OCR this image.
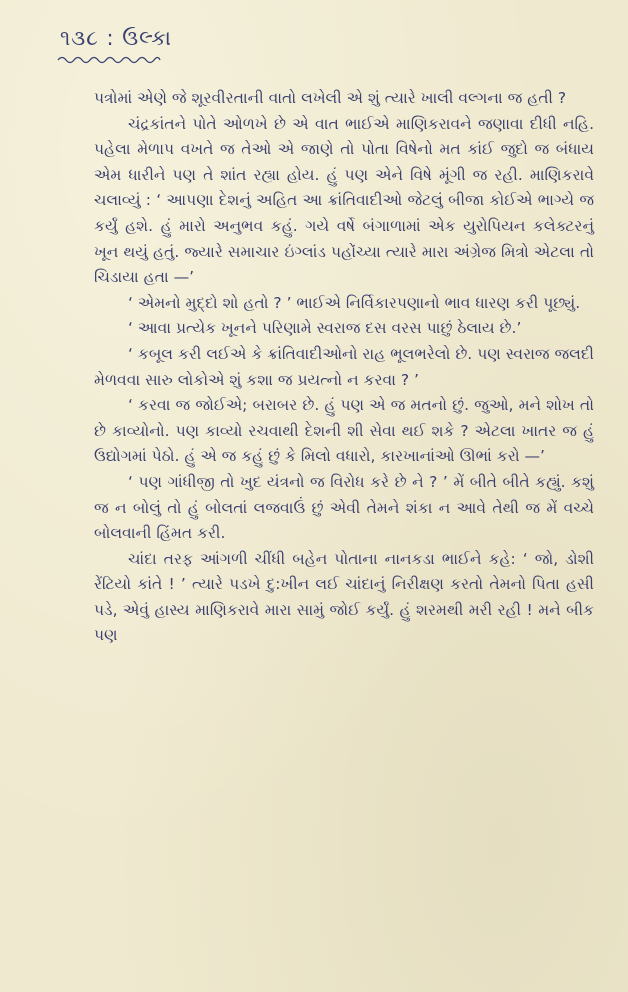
૧૩૮ : ઉલ્કા

પત્રોમાં એણે જે શૂરવીરતાની વાતો લખેલી એ શું ત્યારે ખાલી વલ્ગના જ હતી ?

ચંદ્રકાંતને પોતે ઓળખે છે એ વાત ભાઈએ માણિકરાવને જણાવા દીધી નહિ. પહેલા મેળાપ વખતે જ તેઓ એ જાણે તો પોતા વિષેનો મત કાંઈ જુદો જ બંધાય એમ ધારીને પણ તે શાંત રહ્યા હોય. હું પણ એને વિષે મૂંગી જ રહી. માણિકરાવે ચલાવ્યું : ‘ આપણા દેશનું અહિત આ ક્રાંતિવાદીઓ જેટલું બીજા કોઈએ ભાગ્યે જ કર્યું હશે. હું મારો અનુભવ કહું. ગયે વર્ષે બંગાળામાં એક યુરોપિયન કલેક્ટરનું ખૂન થયું હતું. જ્યારે સમાચાર ઇંગ્લાંડ પહોંચ્યા ત્યારે મારા અંગ્રેજ મિત્રો એટલા તો ચિડાયા હતા —’

‘ એમનો મુદ્દો શો હતો ? ’ ભાઈએ નિર્વિકારપણાનો ભાવ ધારણ કરી પૂછ્યું.

‘ આવા પ્રત્યેક ખૂનને પરિણામે સ્વરાજ દસ વરસ પાછું ઠેલાય છે.’

‘ કબૂલ કરી લઈએ કે ક્રાંતિવાદીઓનો રાહ ભૂલભરેલો છે. પણ સ્વરાજ જલદી મેળવવા સારુ લોકોએ શું કશા જ પ્રયત્નો ન કરવા ? ’

‘ કરવા જ જોઈએ; બરાબર છે. હું પણ એ જ મતનો છું. જુઓ, મને શોખ તો છે કાવ્યોનો. પણ કાવ્યો રચવાથી દેશની શી સેવા થઈ શકે ? એટલા ખાતર જ હું ઉદ્યોગમાં પેઠો. હું એ જ કહું છું કે મિલો વધારો, કારખાનાંઓ ઊભાં કરો —’

‘ પણ ગાંધીજી તો ખુદ યંત્રનો જ વિરોધ કરે છે ને ? ’ મેં બીતે બીતે કહ્યું. કશું જ ન બોલું તો હું બોલતાં લજવાઉં છું એવી તેમને શંકા ન આવે તેથી જ મેં વચ્ચે બોલવાની હિંમત કરી.

ચાંદા તરફ આંગળી ચીંધી બહેન પોતાના નાનકડા ભાઈને કહે: ‘ જો, ડોશી રેંટિયો કાંતે ! ’ ત્યારે પડખે દુ:ખીન લઈ ચાંદાનું નિરીક્ષણ કરતો તેમનો પિતા હસી પડે, એવું હાસ્ય માણિકરાવે મારા સામું જોઈ કર્યું. હું શરમથી મરી રહી ! મને બીક પણ
